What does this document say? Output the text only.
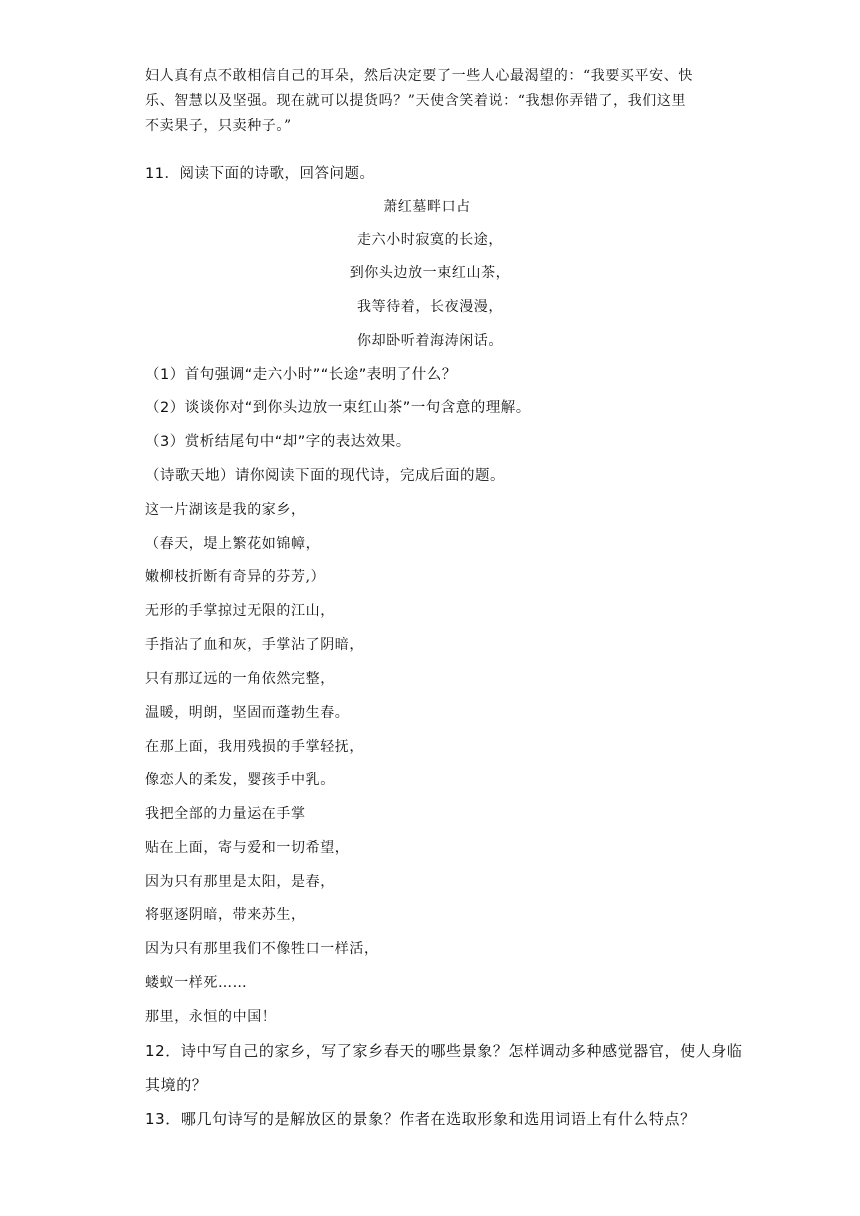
妇人真有点不敢相信自己的耳朵，然后决定要了一些人心最渴望的：“我要买平安、快

乐、智慧以及坚强。现在就可以提货吗？”天使含笑着说：“我想你弄错了，我们这里

不卖果子，只卖种子。”

11．阅读下面的诗歌，回答问题。

萧红墓畔口占

走六小时寂寞的长途，

到你头边放一束红山茶，

我等待着，长夜漫漫，

你却卧听着海涛闲话。

（1）首句强调“走六小时”“长途”表明了什么？

（2）谈谈你对“到你头边放一束红山茶”一句含意的理解。

（3）赏析结尾句中“却”字的表达效果。

（诗歌天地）请你阅读下面的现代诗，完成后面的题。

这一片湖该是我的家乡，

（春天，堤上繁花如锦幛，

嫩柳枝折断有奇异的芬芳,）

无形的手掌掠过无限的江山，

手指沾了血和灰，手掌沾了阴暗，

只有那辽远的一角依然完整，

温暖，明朗，坚固而蓬勃生春。

在那上面，我用残损的手掌轻抚，

像恋人的柔发，婴孩手中乳。

我把全部的力量运在手掌

贴在上面，寄与爱和一切希望，

因为只有那里是太阳，是春，

将驱逐阴暗，带来苏生，

因为只有那里我们不像牲口一样活，

蝼蚁一样死……

那里，永恒的中国！

12．诗中写自己的家乡，写了家乡春天的哪些景象？怎样调动多种感觉器官，使人身临

其境的？

13．哪几句诗写的是解放区的景象？作者在选取形象和选用词语上有什么特点？
